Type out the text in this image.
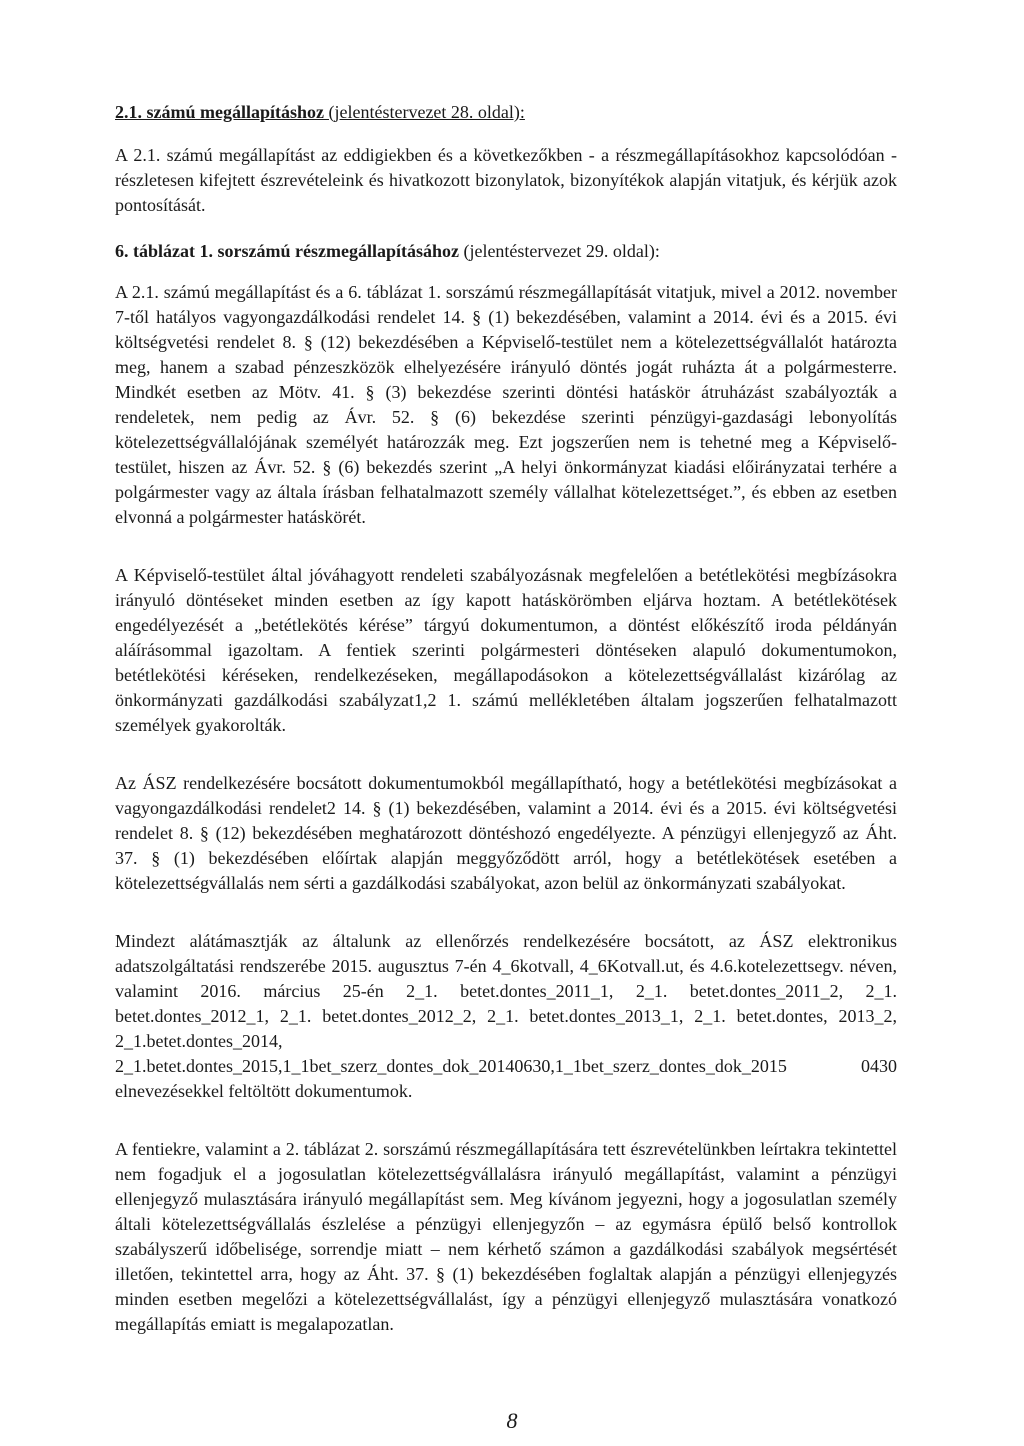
2.1. számú megállapításhoz (jelentéstervezet 28. oldal):

A 2.1. számú megállapítást az eddigiekben és a következőkben - a részmegállapításokhoz kapcsolódóan - részletesen kifejtett észrevételeink és hivatkozott bizonylatok, bizonyítékok alapján vitatjuk, és kérjük azok pontosítását.

6. táblázat 1. sorszámú részmegállapításához (jelentéstervezet 29. oldal):

A 2.1. számú megállapítást és a 6. táblázat 1. sorszámú részmegállapítását vitatjuk, mivel a 2012. november 7-től hatályos vagyongazdálkodási rendelet 14. § (1) bekezdésében, valamint a 2014. évi és a 2015. évi költségvetési rendelet 8. § (12) bekezdésében a Képviselő-testület nem a kötelezettségvállalót határozta meg, hanem a szabad pénzeszközök elhelyezésére irányuló döntés jogát ruházta át a polgármesterre. Mindkét esetben az Mötv. 41. § (3) bekezdése szerinti döntési hatáskör átruházást szabályozták a rendeletek, nem pedig az Ávr. 52. § (6) bekezdése szerinti pénzügyi-gazdasági lebonyolítás kötelezettségvállalójának személyét határozzák meg. Ezt jogszerűen nem is tehetné meg a Képviselő-testület, hiszen az Ávr. 52. § (6) bekezdés szerint „A helyi önkormányzat kiadási előirányzatai terhére a polgármester vagy az általa írásban felhatalmazott személy vállalhat kötelezettséget.”, és ebben az esetben elvonná a polgármester hatáskörét.

A Képviselő-testület által jóváhagyott rendeleti szabályozásnak megfelelően a betétlekötési megbízásokra irányuló döntéseket minden esetben az így kapott hatáskörömben eljárva hoztam. A betétlekötések engedélyezését a „betétlekötés kérése” tárgyú dokumentumon, a döntést előkészítő iroda példányán aláírásommal igazoltam. A fentiek szerinti polgármesteri döntéseken alapuló dokumentumokon, betétlekötési kéréseken, rendelkezéseken, megállapodásokon a kötelezettségvállalást kizárólag az önkormányzati gazdálkodási szabályzat1,2 1. számú mellékletében általam jogszerűen felhatalmazott személyek gyakorolták.

Az ÁSZ rendelkezésére bocsátott dokumentumokból megállapítható, hogy a betétlekötési megbízásokat a vagyongazdálkodási rendelet2 14. § (1) bekezdésében, valamint a 2014. évi és a 2015. évi költségvetési rendelet 8. § (12) bekezdésében meghatározott döntéshozó engedélyezte. A pénzügyi ellenjegyző az Áht. 37. § (1) bekezdésében előírtak alapján meggyőződött arról, hogy a betétlekötések esetében a kötelezettségvállalás nem sérti a gazdálkodási szabályokat, azon belül az önkormányzati szabályokat.

Mindezt alátámasztják az általunk az ellenőrzés rendelkezésére bocsátott, az ÁSZ elektronikus adatszolgáltatási rendszerébe 2015. augusztus 7-én 4_6kotvall, 4_6Kotvall.ut, és 4.6.kotelezettsegv. néven, valamint 2016. március 25-én 2_1. betet.dontes_2011_1, 2_1. betet.dontes_2011_2, 2_1. betet.dontes_2012_1, 2_1. betet.dontes_2012_2, 2_1. betet.dontes_2013_1, 2_1. betet.dontes, 2013_2, 2_1.betet.dontes_2014, 2_1.betet.dontes_2015,1_1bet_szerz_dontes_dok_20140630,1_1bet_szerz_dontes_dok_2015 0430 elnevezésekkel feltöltött dokumentumok.

A fentiekre, valamint a 2. táblázat 2. sorszámú részmegállapítására tett észrevételünkben leírtakra tekintettel nem fogadjuk el a jogosulatlan kötelezettségvállalásra irányuló megállapítást, valamint a pénzügyi ellenjegyző mulasztására irányuló megállapítást sem. Meg kívánom jegyezni, hogy a jogosulatlan személy általi kötelezettségvállalás észlelése a pénzügyi ellenjegyzőn – az egymásra épülő belső kontrollok szabályszerű időbelisége, sorrendje miatt – nem kérhető számon a gazdálkodási szabályok megsértését illetően, tekintettel arra, hogy az Áht. 37. § (1) bekezdésében foglaltak alapján a pénzügyi ellenjegyzés minden esetben megelőzi a kötelezettségvállalást, így a pénzügyi ellenjegyző mulasztására vonatkozó megállapítás emiatt is megalapozatlan.

8
